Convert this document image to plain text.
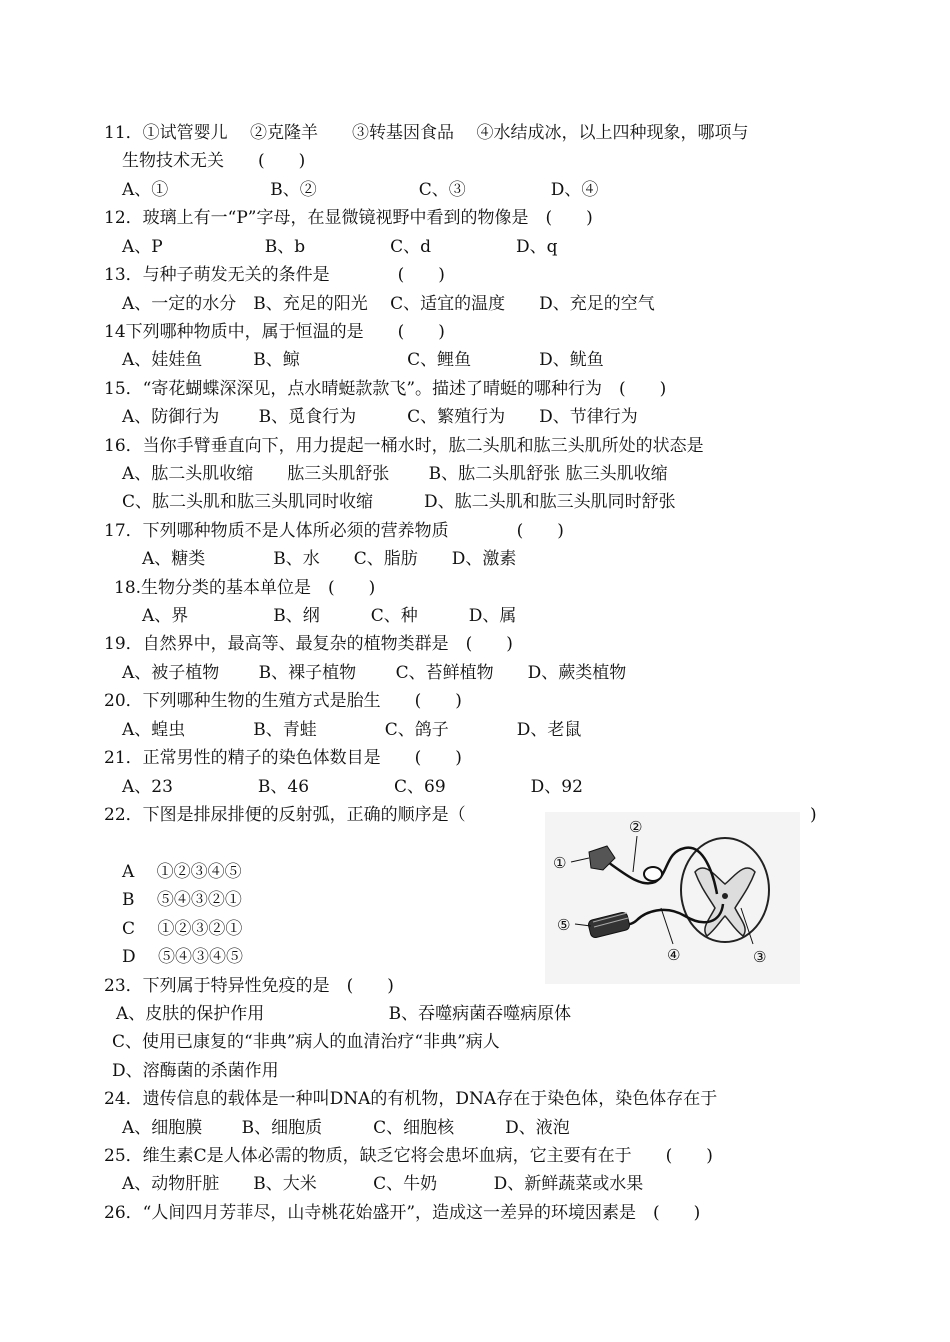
11．①试管婴儿　 ②克隆羊　　③转基因食品　 ④水结成冰，以上四种现象，哪项与
生物技术无关　　(　　)
A、①　　　　　　B、②　　　　　　C、③　　　　　D、④
12．玻璃上有一“P”字母，在显微镜视野中看到的物像是　(　　)
A、P　　　　　　B、b　　　　　C、d　　　　　D、q
13．与种子萌发无关的条件是　　　　(　　)
A、一定的水分　B、充足的阳光　 C、适宜的温度　　D、充足的空气
14下列哪种物质中，属于恒温的是　　(　　)
A、娃娃鱼　　　B、鲸　　　　　　 C、鲤鱼　　　　D、鱿鱼
15．“寄花蝴蝶深深见，点水晴蜓款款飞”。描述了晴蜓的哪种行为　(　　)
A、防御行为　　 B、觅食行为　　　C、繁殖行为　　D、节律行为
16．当你手臂垂直向下，用力提起一桶水时，肱二头肌和肱三头肌所处的状态是
A、肱二头肌收缩　　肱三头肌舒张　　 B、肱二头肌舒张 肱三头肌收缩
C、肱二头肌和肱三头肌同时收缩　　　D、肱二头肌和肱三头肌同时舒张
17．下列哪种物质不是人体所必须的营养物质　　　　(　　)
A、糖类　　　　B、水　　C、脂肪　　D、激素
18.生物分类的基本单位是　(　　)
A、界　　　　　B、纲　　　C、种　　　D、属
19．自然界中，最高等、最复杂的植物类群是　(　　)
A、被子植物　　 B、裸子植物　　 C、苔鲜植物　　D、蕨类植物
20．下列哪种生物的生殖方式是胎生　　(　　)
A、蝗虫　　　　B、青蛙　　　　C、鸽子　　　　D、老鼠
21．正常男性的精子的染色体数目是　　(　　)
A、23　　　　　B、46　　　　　C、69　　　　　D、92
22．下图是排尿排便的反射弧，正确的顺序是（	)
A　 ①②③④⑤
B　 ⑤④③②①
C　 ①②③②①
D　 ⑤④③④⑤
23．下列属于特异性免疫的是　(　　)
A、皮肤的保护作用　　　　　　　 B、吞噬病菌吞噬病原体
C、使用已康复的“非典”病人的血清治疗“非典”病人
D、溶酶菌的杀菌作用
24．遗传信息的载体是一种叫DNA的有机物，DNA存在于染色体，染色体存在于
A、细胞膜　　 B、细胞质　　　C、细胞核　　　D、液泡
25．维生素C是人体必需的物质，缺乏它将会患坏血病，它主要有在于　　(　　)
A、动物肝脏　　B、大米　　　 C、牛奶　　　 D、新鲜蔬菜或水果
26．“人间四月芳菲尽，山寺桃花始盛开”，造成这一差异的环境因素是　(　　)
①
②
③
④
⑤
